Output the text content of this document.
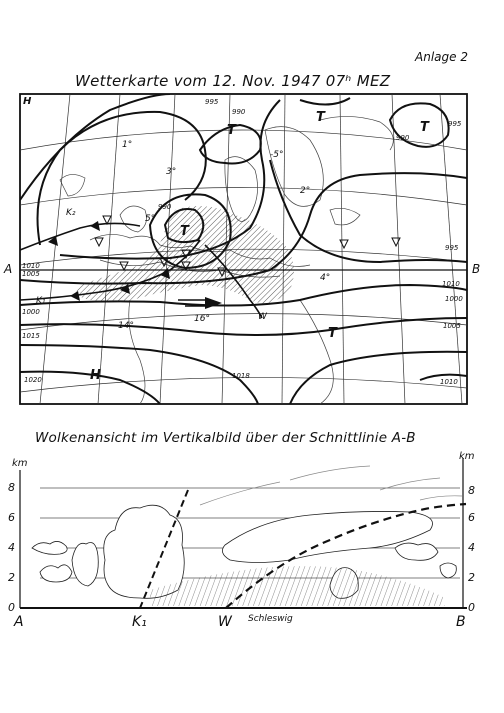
Anlage 2
Wetterkarte vom 12. Nov. 1947 07ʰ MEZ
Wolkenansicht im Vertikalbild über der Schnittlinie A-B
A	B
K₂
K₁
W
H
T
T
T
T
T
H
1010
1005
1000
995
990
1015
1020	1018
1005
1010
1000
995
990
995
990
1010
1°
3°
5°
-5°
2°
4°
14°
16°
km
km
8
6
4
2
0
8
6
4
2
0
A	K₁	W	B
Schleswig
